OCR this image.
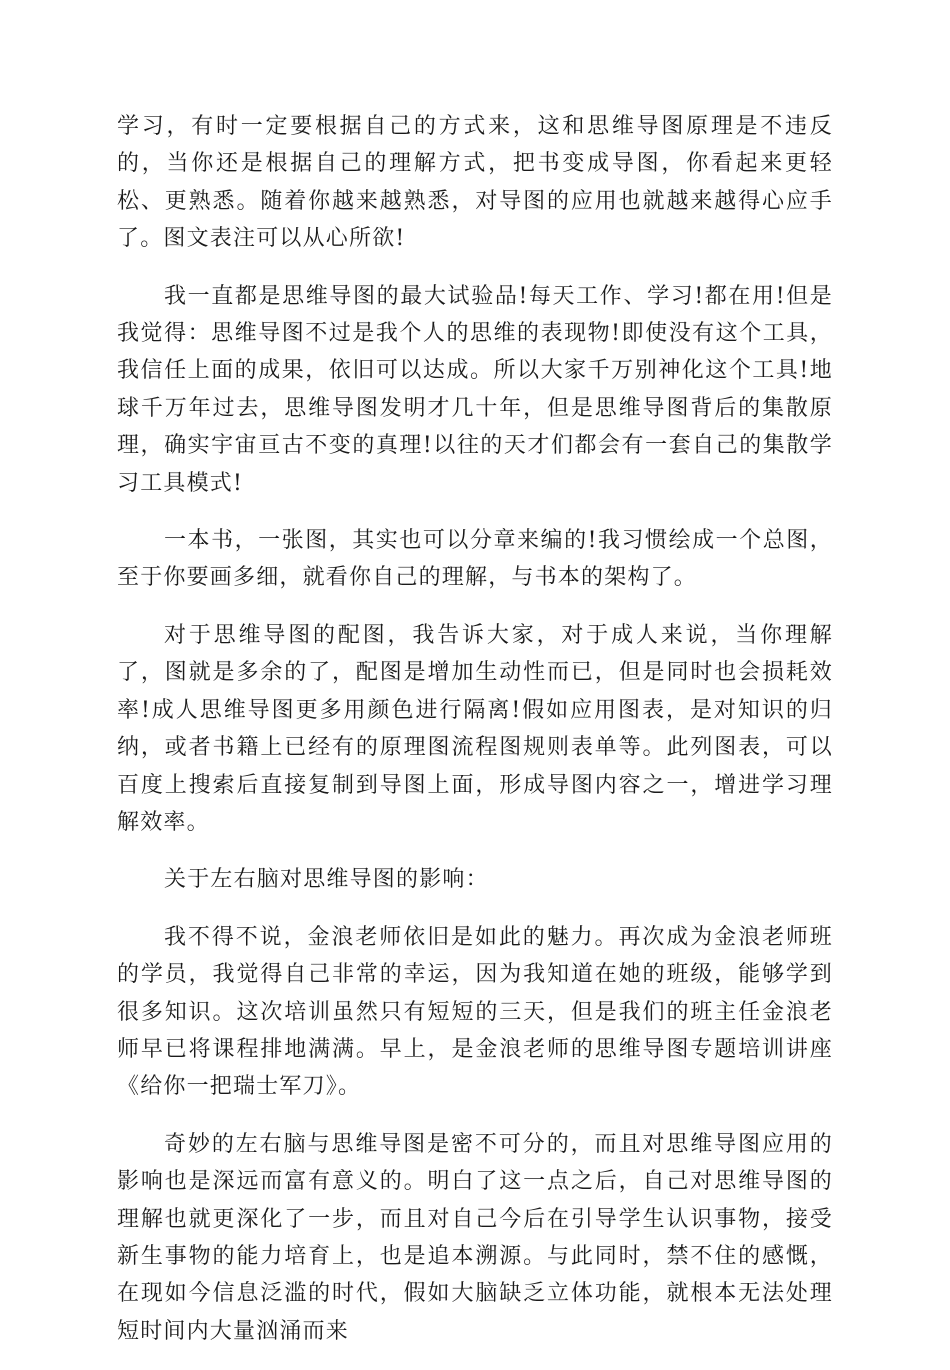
学习，有时一定要根据自己的方式来，这和思维导图原理是不违反的，当你还是根据自己的理解方式，把书变成导图，你看起来更轻松、更熟悉。随着你越来越熟悉，对导图的应用也就越来越得心应手了。图文表注可以从心所欲!

我一直都是思维导图的最大试验品!每天工作、学习!都在用!但是我觉得：思维导图不过是我个人的思维的表现物!即使没有这个工具，我信任上面的成果，依旧可以达成。所以大家千万别神化这个工具!地球千万年过去，思维导图发明才几十年，但是思维导图背后的集散原理，确实宇宙亘古不变的真理!以往的天才们都会有一套自己的集散学习工具模式!

一本书，一张图，其实也可以分章来编的!我习惯绘成一个总图，至于你要画多细，就看你自己的理解，与书本的架构了。

对于思维导图的配图，我告诉大家，对于成人来说，当你理解了，图就是多余的了，配图是增加生动性而已，但是同时也会损耗效率!成人思维导图更多用颜色进行隔离!假如应用图表，是对知识的归纳，或者书籍上已经有的原理图流程图规则表单等。此列图表，可以百度上搜索后直接复制到导图上面，形成导图内容之一，增进学习理解效率。

关于左右脑对思维导图的影响：

我不得不说，金浪老师依旧是如此的魅力。再次成为金浪老师班的学员，我觉得自己非常的幸运，因为我知道在她的班级，能够学到很多知识。这次培训虽然只有短短的三天，但是我们的班主任金浪老师早已将课程排地满满。早上，是金浪老师的思维导图专题培训讲座《给你一把瑞士军刀》。

奇妙的左右脑与思维导图是密不可分的，而且对思维导图应用的影响也是深远而富有意义的。明白了这一点之后，自己对思维导图的理解也就更深化了一步，而且对自己今后在引导学生认识事物，接受新生事物的能力培育上，也是追本溯源。与此同时，禁不住的感慨，在现如今信息泛滥的时代，假如大脑缺乏立体功能，就根本无法处理短时间内大量汹涌而来
